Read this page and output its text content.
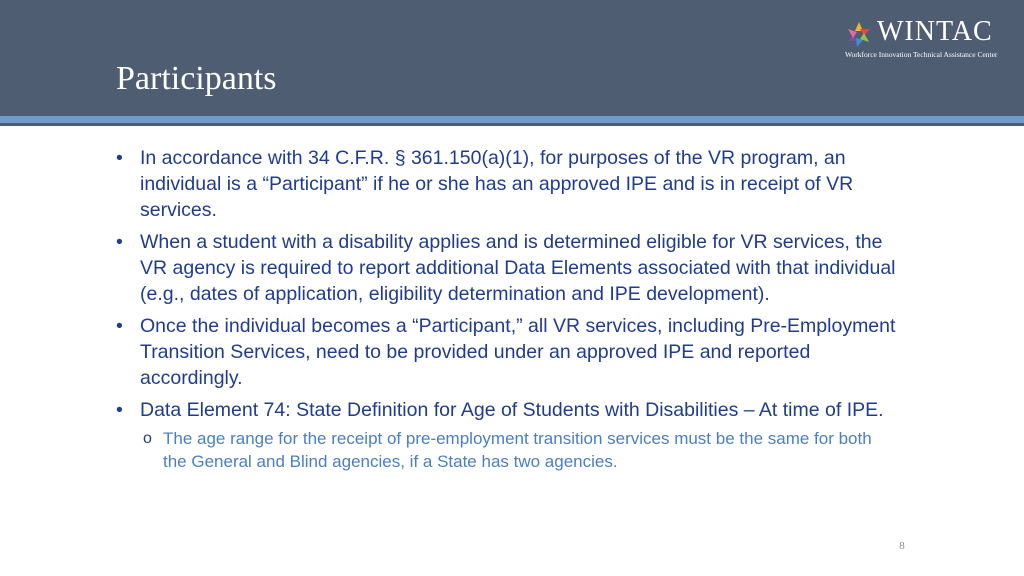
Participants
WINTAC
Workforce Innovation Technical Assistance Center
• In accordance with 34 C.F.R. § 361.150(a)(1), for purposes of the VR program, an individual is a “Participant” if he or she has an approved IPE and is in receipt of VR services.
• When a student with a disability applies and is determined eligible for VR services, the VR agency is required to report additional Data Elements associated with that individual (e.g., dates of application, eligibility determination and IPE development).
• Once the individual becomes a “Participant,” all VR services, including Pre-Employment Transition Services, need to be provided under an approved IPE and reported accordingly.
• Data Element 74: State Definition for Age of Students with Disabilities – At time of IPE.
o The age range for the receipt of pre-employment transition services must be the same for both the General and Blind agencies, if a State has two agencies.
8
